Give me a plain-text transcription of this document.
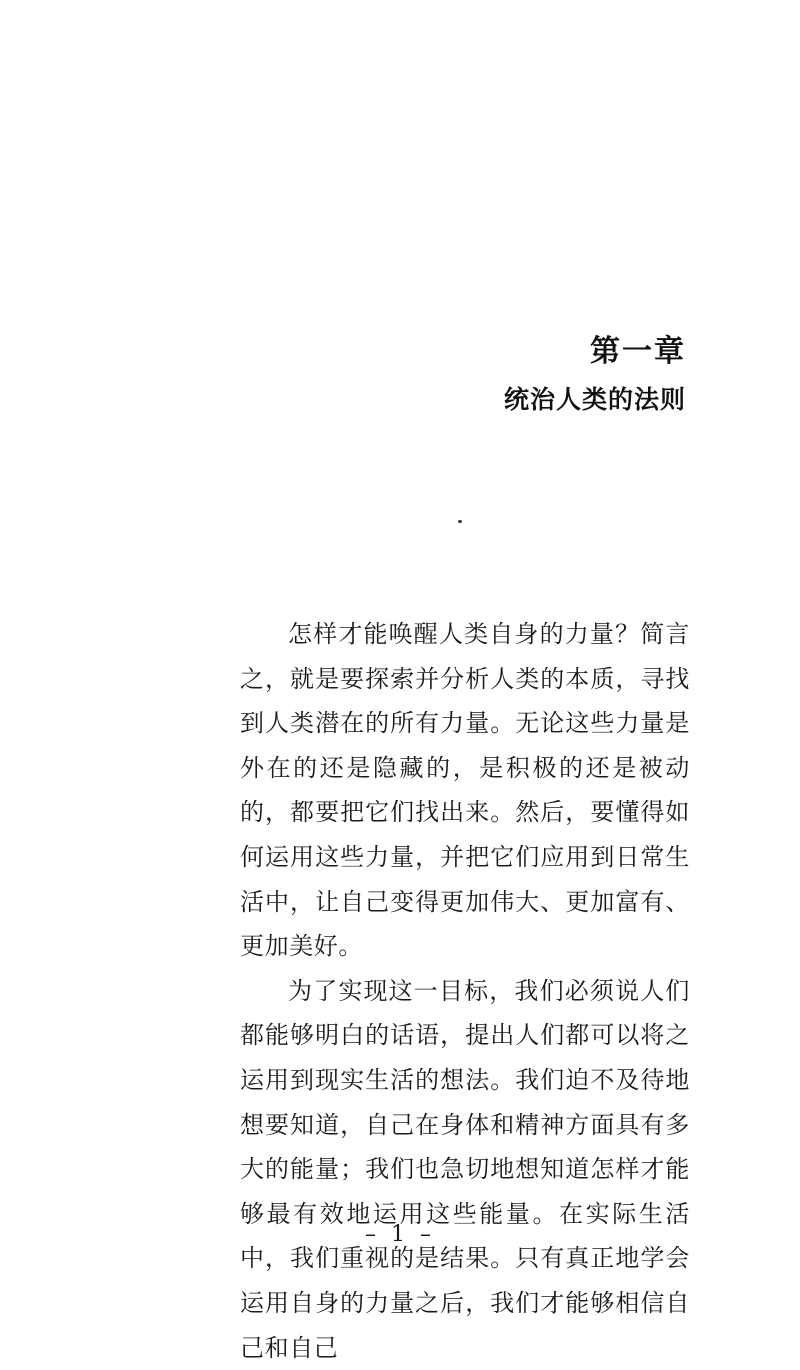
第一章
统治人类的法则

怎样才能唤醒人类自身的力量？简言之，就是要探索并分析人类的本质，寻找到人类潜在的所有力量。无论这些力量是外在的还是隐藏的，是积极的还是被动的，都要把它们找出来。然后，要懂得如何运用这些力量，并把它们应用到日常生活中，让自己变得更加伟大、更加富有、更加美好。

为了实现这一目标，我们必须说人们都能够明白的话语，提出人们都可以将之运用到现实生活的想法。我们迫不及待地想要知道，自己在身体和精神方面具有多大的能量；我们也急切地想知道怎样才能够最有效地运用这些能量。在实际生活中，我们重视的是结果。只有真正地学会运用自身的力量之后，我们才能够相信自己和自己

– 1 –
